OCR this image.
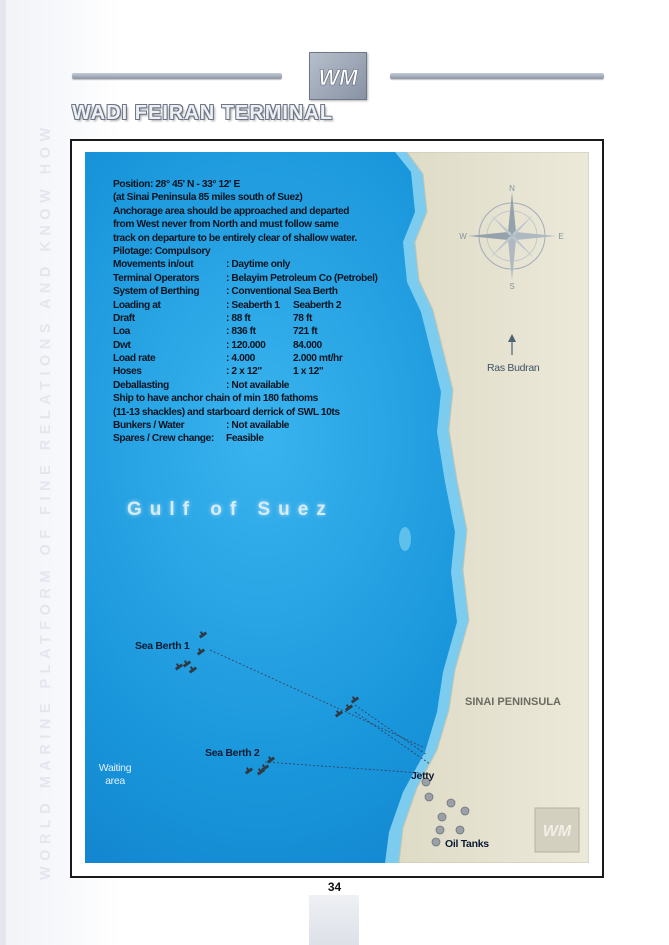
WORLD MARINE PLATFORM OF FINE RELATIONS AND KNOW HOW
WM
WADI FEIRAN TERMINAL
N
S
E
W
WM
Position: 28° 45' N - 33° 12' E
(at Sinai Peninsula 85 miles south of Suez)
Anchorage area should be approached and departed
from West never from North and must follow same
track on departure to be entirely clear of shallow water.
Pilotage: Compulsory
Movements in/out	: Daytime only
Terminal Operators	: Belayim Petroleum Co (Petrobel)
System of Berthing	: Conventional Sea Berth
Loading at	: Seaberth 1 Seaberth 2
Draft	: 88 ft	78 ft
Loa	: 836 ft	721 ft
Dwt	: 120.000	84.000
Load rate	: 4.000	2.000 mt/hr
Hoses	: 2 x 12"	1 x 12"
Deballasting	: Not available
Ship to have anchor chain of min 180 fathoms
(11-13 shackles) and starboard derrick of SWL 10ts
Bunkers / Water	: Not available
Spares / Crew change: Feasible
Gulf of Suez
Sea Berth 1
Sea Berth 2
Waiting
area	Jetty
Oil Tanks
SINAI PENINSULA
Ras Budran
34
